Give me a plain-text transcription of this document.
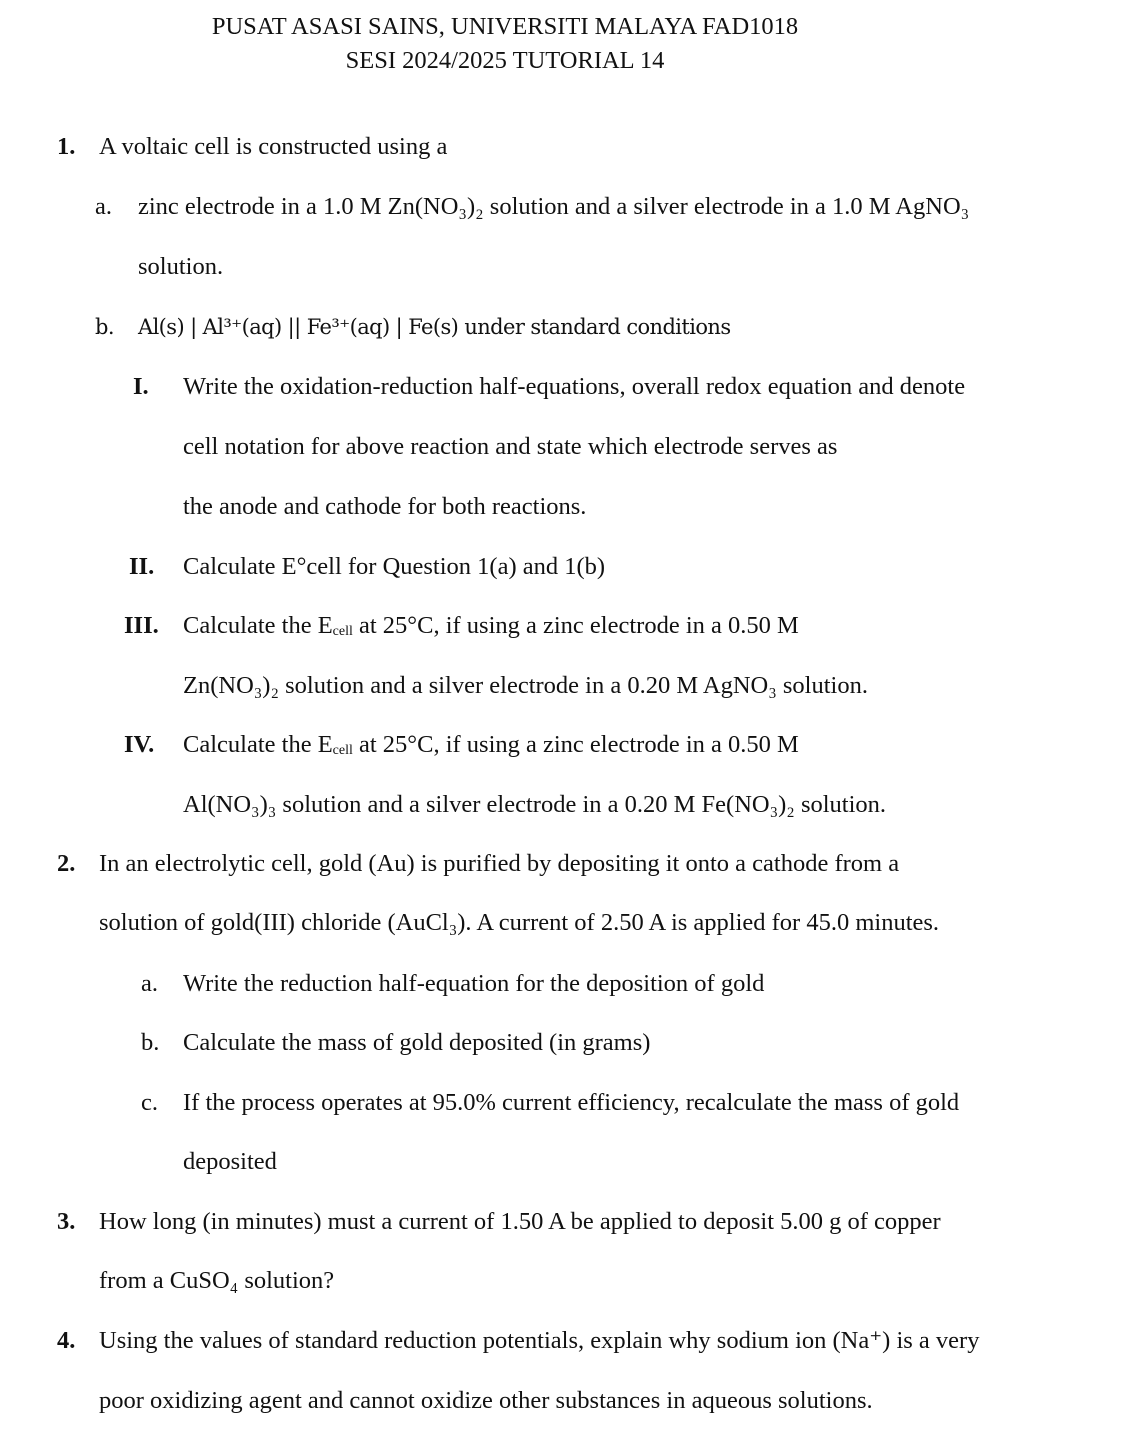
PUSAT ASASI SAINS, UNIVERSITI MALAYA FAD1018
SESI 2024/2025 TUTORIAL 14
1. A voltaic cell is constructed using a
a. zinc electrode in a 1.0 M Zn(NO₃)₂ solution and a silver electrode in a 1.0 M AgNO₃
solution.
b. Al(s) | Al³⁺(aq) || Fe³⁺(aq) | Fe(s) under standard conditions
I. Write the oxidation-reduction half-equations, overall redox equation and denote
cell notation for above reaction and state which electrode serves as
the anode and cathode for both reactions.
II. Calculate E°cell for Question 1(a) and 1(b)
III. Calculate the $E_{cell}$ at 25°C, if using a zinc electrode in a 0.50 M
Zn(NO₃)₂ solution and a silver electrode in a 0.20 M AgNO₃ solution.
IV. Calculate the $E_{cell}$ at 25°C, if using a zinc electrode in a 0.50 M
Al(NO₃)₃ solution and a silver electrode in a 0.20 M Fe(NO₃)₂ solution.
2. In an electrolytic cell, gold (Au) is purified by depositing it onto a cathode from a
solution of gold(III) chloride (AuCl₃). A current of 2.50 A is applied for 45.0 minutes.
a. Write the reduction half-equation for the deposition of gold
b. Calculate the mass of gold deposited (in grams)
c. If the process operates at 95.0% current efficiency, recalculate the mass of gold
deposited
3. How long (in minutes) must a current of 1.50 A be applied to deposit 5.00 g of copper
from a CuSO₄ solution?
4. Using the values of standard reduction potentials, explain why sodium ion (Na⁺) is a very
poor oxidizing agent and cannot oxidize other substances in aqueous solutions.
